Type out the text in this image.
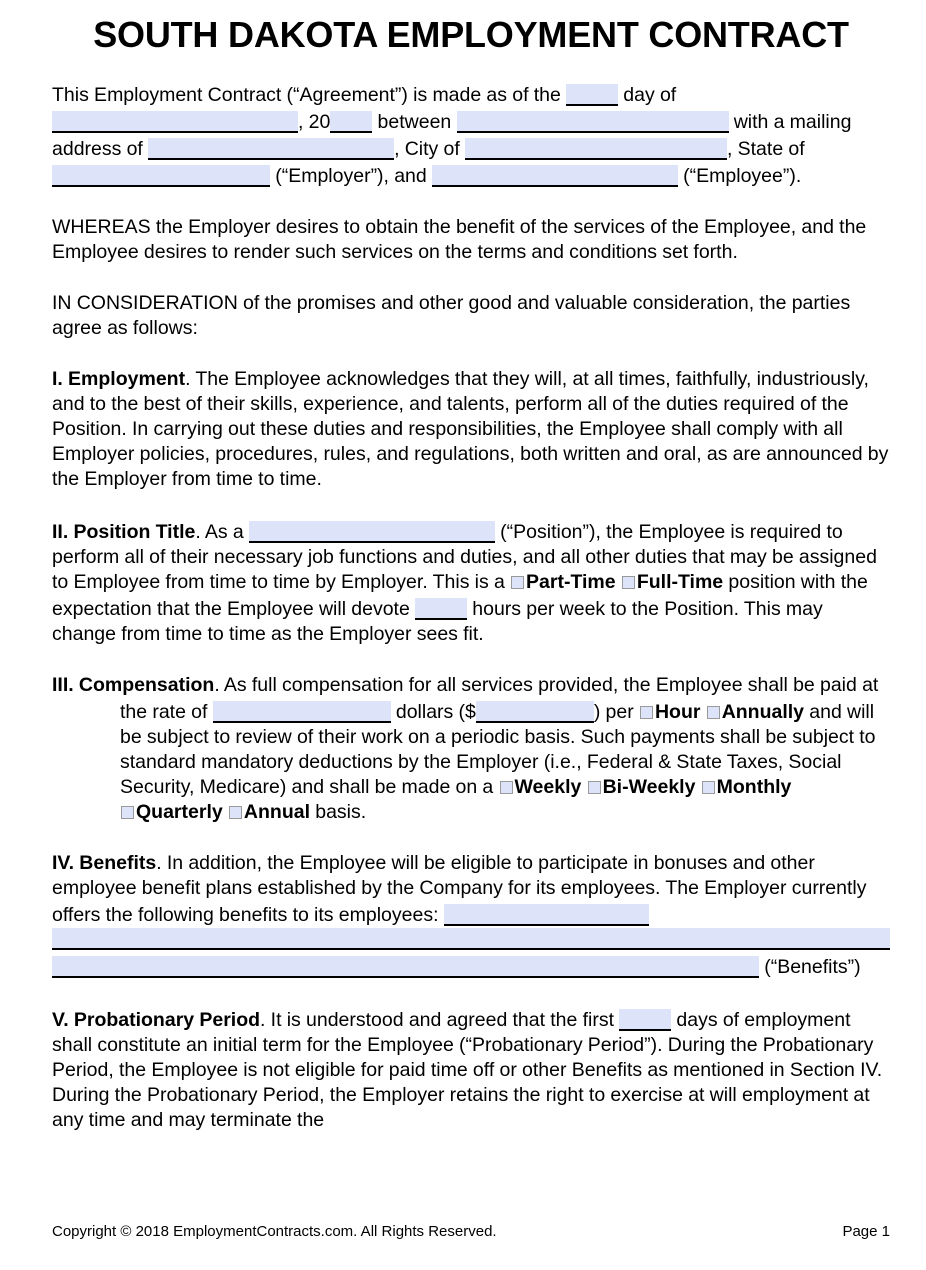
SOUTH DAKOTA EMPLOYMENT CONTRACT

This Employment Contract (“Agreement”) is made as of the	day of , 20 between	with a mailing address of	, City of	, State of  (“Employer”), and	(“Employee”).

WHEREAS the Employer desires to obtain the benefit of the services of the Employee, and the Employee desires to render such services on the terms and conditions set forth.

IN CONSIDERATION of the promises and other good and valuable consideration, the parties agree as follows:

I. Employment. The Employee acknowledges that they will, at all times, faithfully, industriously, and to the best of their skills, experience, and talents, perform all of the duties required of the Position. In carrying out these duties and responsibilities, the Employee shall comply with all Employer policies, procedures, rules, and regulations, both written and oral, as are announced by the Employer from time to time.

II. Position Title. As a	(“Position”), the Employee is required to perform all of their necessary job functions and duties, and all other duties that may be assigned to Employee from time to time by Employer. This is a Part-Time Full-Time position with the expectation that the Employee will devote	hours per week to the Position. This may change from time to time as the Employer sees fit.

III. Compensation. As full compensation for all services provided, the Employee shall be paid at the rate of	dollars ($	) per Hour Annually and will be subject to review of their work on a periodic basis. Such payments shall be subject to standard mandatory deductions by the Employer (i.e., Federal & State Taxes, Social Security, Medicare) and shall be made on a Weekly Bi-Weekly Monthly Quarterly Annual basis.

IV. Benefits. In addition, the Employee will be eligible to participate in bonuses and other employee benefit plans established by the Company for its employees. The Employer currently offers the following benefits to its employees:
(“Benefits”)

V. Probationary Period. It is understood and agreed that the first	days of employment shall constitute an initial term for the Employee (“Probationary Period”). During the Probationary Period, the Employee is not eligible for paid time off or other Benefits as mentioned in Section IV. During the Probationary Period, the Employer retains the right to exercise at will employment at any time and may terminate the

Copyright © 2018 EmploymentContracts.com. All Rights Reserved.	Page 1
